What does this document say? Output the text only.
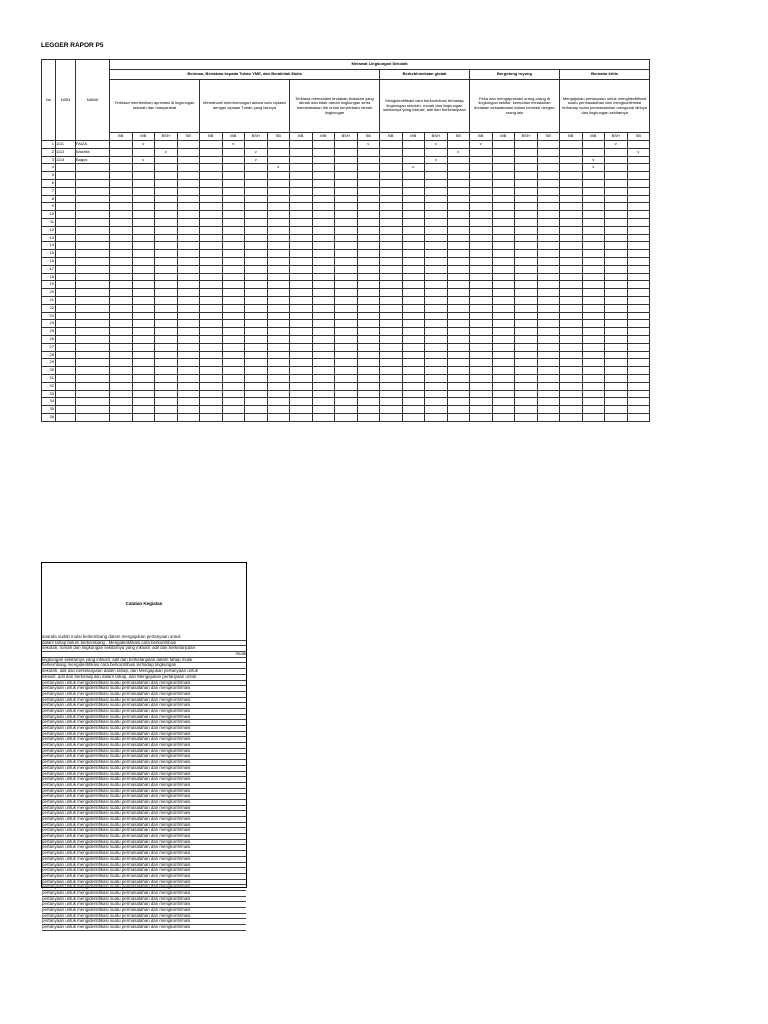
LEGGER RAPOR P5
No	NISN	NAMA	Merawat Lingkungan Sekolah																							
			Beriman, Bertakwa kepada Tuhan YME, dan Berakhlak Mulia												Berkebhinekaan global				Bergotong royong				Bernalar kritis			
			Terbiasa memberikan apresiasi di lingkungan sekolah dan masyarakat				Memahami keterhubungan antara satu ciptaan dengan ciptaan Tuhan yang lainnya				Terbiasa memahami tindakan-tindakan yang ramah dan tidak ramah lingkungan serta membiasakan diri untuk berperilaku ramah lingkungan				Mengidentifikasi cara berkontribusi terhadap lingkungan sekolah, rumah dan lingkungan sekitarnya yang inklusif, adil dan berkelanjutan				Peka dan mengapresiasi orang-orang di lingkungan sekitar, kemudian melakukan tindakan kesalamatan dalam berelasi dengan orang lain				Mengajukan pertanyaan untuk mengidentifikasi suatu permasalahan dan mengkonfirmasi terhadap suatu permasalahan mengenai dirinya dan lingkungan sekitarnya			
			BB	MB	BSH	SB	BB	MB	BSH	SB	BB	MB	BSH	SB	BB	MB	BSH	SB	BB	MB	BSH	SB	BB	MB	BSH	SB
1	1111	FAIZA		v				v						v			v		v						v	
2	1112	Wachfa			v				v									v								v
3	1114	Bagus		v					v								v							v		
4										v						v								v		
5																										
6																										
7																										
8																										
9																										
10																										
11																										
12																										
13																										
14																										
15																										
16																										
17																										
18																										
19																										
20																										
21																										
22																										
23																										
24																										
25																										
26																										
27																										
28																										
29																										
30																										
31																										
32																										
33																										
34																										
35																										
36																										
Catatan Kegiatan
ananda sudah mulai berkembang dalam mengajukan pertanyaan untuk
dalam tahap belum berkembang . Mengidentifikasi cara berkontribusi
sekolah, rumah dan lingkungan sekitarnya yang inklusif, adil dan berkelanjutan
mulai
lingkungan sekitarnya yang inklusif, adil dan berkelanjutan dalam tahap mulai
berkembang mengidentifikasi cara berkontribusi terhadap lingkungan
sekolah, adil dan berkelanjutan dalam tahap, dan Mengajukan pertanyaan untuk
inklusif, adil dan berkelanjutan dalam tahap, dan Mengajukan pertanyaan untuk
pertanyaan untuk mengidentifikasi suatu permasalahan dan mengkonfirmasi
pertanyaan untuk mengidentifikasi suatu permasalahan dan mengkonfirmasi
pertanyaan untuk mengidentifikasi suatu permasalahan dan mengkonfirmasi
pertanyaan untuk mengidentifikasi suatu permasalahan dan mengkonfirmasi
pertanyaan untuk mengidentifikasi suatu permasalahan dan mengkonfirmasi
pertanyaan untuk mengidentifikasi suatu permasalahan dan mengkonfirmasi
pertanyaan untuk mengidentifikasi suatu permasalahan dan mengkonfirmasi
pertanyaan untuk mengidentifikasi suatu permasalahan dan mengkonfirmasi
pertanyaan untuk mengidentifikasi suatu permasalahan dan mengkonfirmasi
pertanyaan untuk mengidentifikasi suatu permasalahan dan mengkonfirmasi
pertanyaan untuk mengidentifikasi suatu permasalahan dan mengkonfirmasi
pertanyaan untuk mengidentifikasi suatu permasalahan dan mengkonfirmasi
pertanyaan untuk mengidentifikasi suatu permasalahan dan mengkonfirmasi
pertanyaan untuk mengidentifikasi suatu permasalahan dan mengkonfirmasi
pertanyaan untuk mengidentifikasi suatu permasalahan dan mengkonfirmasi
pertanyaan untuk mengidentifikasi suatu permasalahan dan mengkonfirmasi
pertanyaan untuk mengidentifikasi suatu permasalahan dan mengkonfirmasi
pertanyaan untuk mengidentifikasi suatu permasalahan dan mengkonfirmasi
pertanyaan untuk mengidentifikasi suatu permasalahan dan mengkonfirmasi
pertanyaan untuk mengidentifikasi suatu permasalahan dan mengkonfirmasi
pertanyaan untuk mengidentifikasi suatu permasalahan dan mengkonfirmasi
pertanyaan untuk mengidentifikasi suatu permasalahan dan mengkonfirmasi
pertanyaan untuk mengidentifikasi suatu permasalahan dan mengkonfirmasi
pertanyaan untuk mengidentifikasi suatu permasalahan dan mengkonfirmasi
pertanyaan untuk mengidentifikasi suatu permasalahan dan mengkonfirmasi
pertanyaan untuk mengidentifikasi suatu permasalahan dan mengkonfirmasi
pertanyaan untuk mengidentifikasi suatu permasalahan dan mengkonfirmasi
pertanyaan untuk mengidentifikasi suatu permasalahan dan mengkonfirmasi
pertanyaan untuk mengidentifikasi suatu permasalahan dan mengkonfirmasi
pertanyaan untuk mengidentifikasi suatu permasalahan dan mengkonfirmasi
pertanyaan untuk mengidentifikasi suatu permasalahan dan mengkonfirmasi
pertanyaan untuk mengidentifikasi suatu permasalahan dan mengkonfirmasi
pertanyaan untuk mengidentifikasi suatu permasalahan dan mengkonfirmasi
pertanyaan untuk mengidentifikasi suatu permasalahan dan mengkonfirmasi
pertanyaan untuk mengidentifikasi suatu permasalahan dan mengkonfirmasi
pertanyaan untuk mengidentifikasi suatu permasalahan dan mengkonfirmasi
pertanyaan untuk mengidentifikasi suatu permasalahan dan mengkonfirmasi
pertanyaan untuk mengidentifikasi suatu permasalahan dan mengkonfirmasi
pertanyaan untuk mengidentifikasi suatu permasalahan dan mengkonfirmasi
pertanyaan untuk mengidentifikasi suatu permasalahan dan mengkonfirmasi
pertanyaan untuk mengidentifikasi suatu permasalahan dan mengkonfirmasi
pertanyaan untuk mengidentifikasi suatu permasalahan dan mengkonfirmasi
pertanyaan untuk mengidentifikasi suatu permasalahan dan mengkonfirmasi
pertanyaan untuk mengidentifikasi suatu permasalahan dan mengkonfirmasi
